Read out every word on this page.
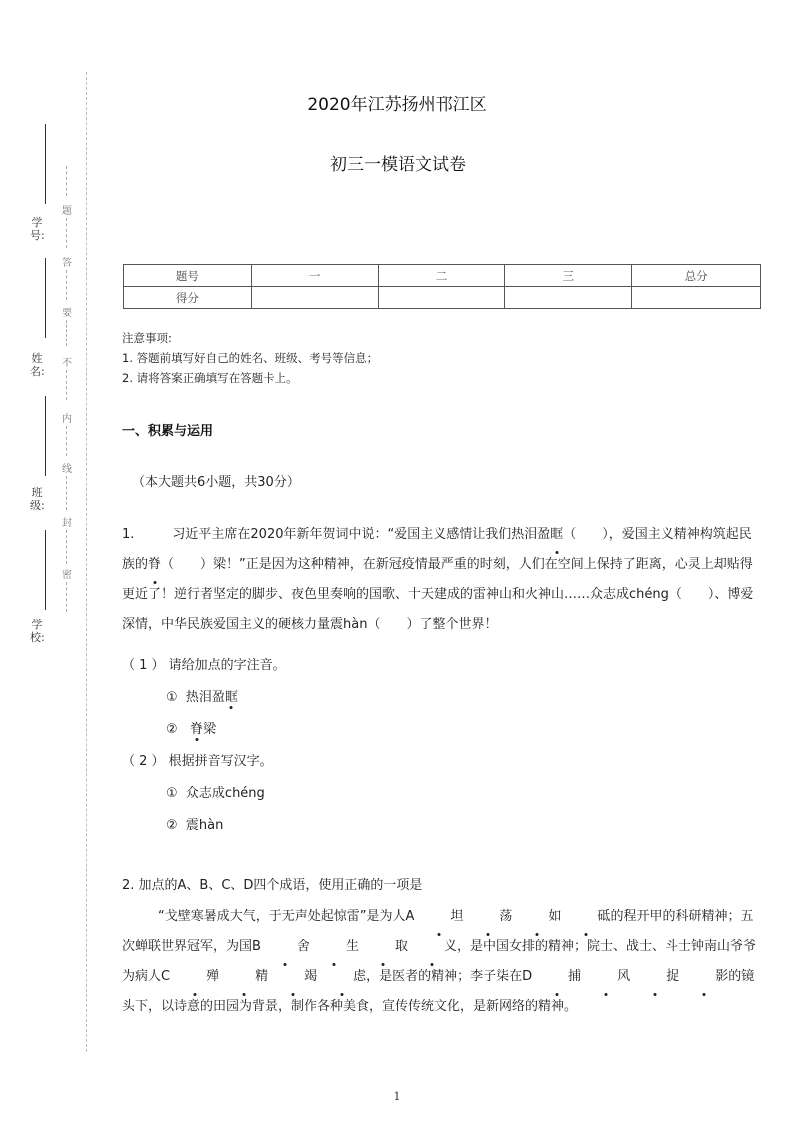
学号:
姓名:
班级:
学校:
题
答
要
不
内
线
封
密
2020年江苏扬州邗江区
初三一模语文试卷
题号	一	二	三	总分
得分				
注意事项:
1. 答题前填写好自己的姓名、班级、考号等信息；
2. 请将答案正确填写在答题卡上。
一、积累与运用
（本大题共6小题，共30分）
1.	习近平主席在2020年新年贺词中说：“爱国主义感情让我们热泪盈眶（　　），爱国主义精神构筑起民族的脊（　　）梁！”正是因为这种精神，在新冠疫情最严重的时刻，人们在空间上保持了距离，心灵上却贴得更近了！逆行者坚定的脚步、夜色里奏响的国歌、十天建成的雷神山和火神山……众志成chéng（　　）、博爱深情，中华民族爱国主义的硬核力量震hàn（　　）了整个世界！
（ 1 ） 请给加点的字注音。
① 热泪盈眶
② 脊梁
（ 2 ） 根据拼音写汉字。
① 众志成chéng
② 震hàn
2. 加点的A、B、C、D四个成语，使用正确的一项是
“戈壁寒暑成大气，于无声处起惊雷”是为人A	坦	荡	如	砥的程开甲的科研精神；五次蝉联世界冠军，为国B	舍	生	取	义，是中国女排的精神；院士、战士、斗士钟南山爷爷为病人C	殚	精	竭	虑，是医者的精神；李子柒在D	捕	风	捉	影的镜头下，以诗意的田园为背景，制作各种美食，宣传传统文化，是新网络的精神。
1
